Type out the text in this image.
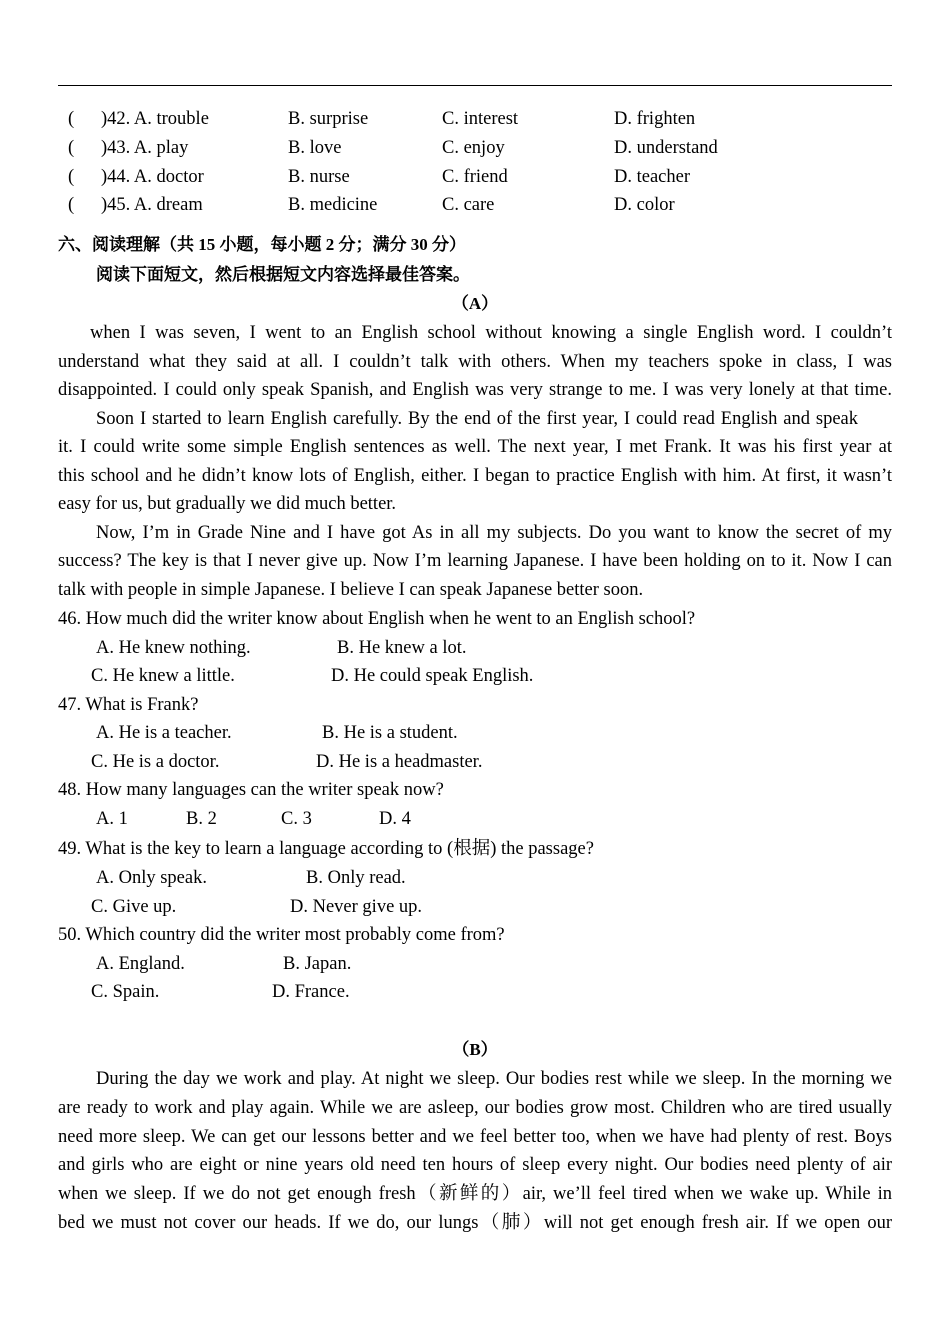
( )42. A. trouble	B. surprise	C. interest	D. frighten
( )43. A. play	B. love	C. enjoy	D. understand
( )44. A. doctor	B. nurse	C. friend	D. teacher
( )45. A. dream	B. medicine	C. care	D. color
六、阅读理解（共 15 小题，每小题 2 分；满分 30 分）
阅读下面短文，然后根据短文内容选择最佳答案。
（A）
when I was seven, I went to an English school without knowing a single English word. I couldn’t
understand what they said at all. I couldn’t talk with others. When my teachers spoke in class, I was
disappointed. I could only speak Spanish, and English was very strange to me. I was very lonely at that time.
Soon I started to learn English carefully. By the end of the first year, I could read English and speak
it. I could write some simple English sentences as well. The next year, I met Frank. It was his first year at
this school and he didn’t know lots of English, either. I began to practice English with him. At first, it wasn’t
easy for us, but gradually we did much better.
Now, I’m in Grade Nine and I have got As in all my subjects. Do you want to know the secret of my
success? The key is that I never give up. Now I’m learning Japanese. I have been holding on to it. Now I can
talk with people in simple Japanese. I believe I can speak Japanese better soon.
46. How much did the writer know about English when he went to an English school?
A. He knew nothing.	B. He knew a lot.
C. He knew a little.	D. He could speak English.
47. What is Frank?
A. He is a teacher.	B. He is a student.
C. He is a doctor.	D. He is a headmaster.
48. How many languages can the writer speak now?
A. 1	B. 2	C. 3	D. 4
49. What is the key to learn a language according to (根据) the passage?
A. Only speak.	B. Only read.
C. Give up.	D. Never give up.
50. Which country did the writer most probably come from?
A. England.	B. Japan.
C. Spain.	D. France.
（B）
During the day we work and play. At night we sleep. Our bodies rest while we sleep. In the morning we
are ready to work and play again. While we are asleep, our bodies grow most. Children who are tired usually
need more sleep. We can get our lessons better and we feel better too, when we have had plenty of rest. Boys
and girls who are eight or nine years old need ten hours of sleep every night. Our bodies need plenty of air
when we sleep. If we do not get enough fresh（新鲜的）air, we’ll feel tired when we wake up. While in
bed we must not cover our heads. If we do, our lungs（肺）will not get enough fresh air. If we open our
